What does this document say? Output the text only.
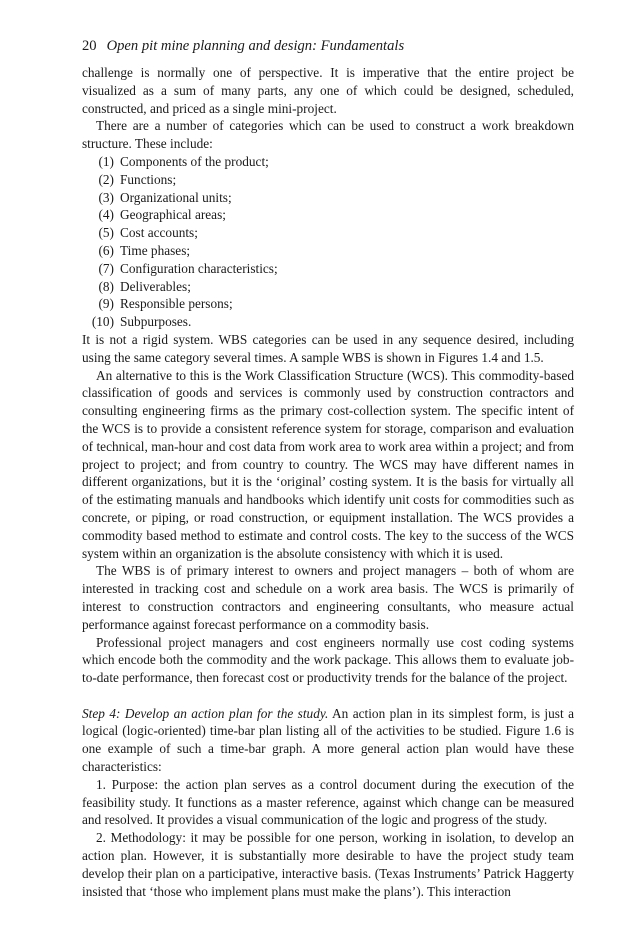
20 Open pit mine planning and design: Fundamentals

challenge is normally one of perspective. It is imperative that the entire project be visualized as a sum of many parts, any one of which could be designed, scheduled, constructed, and priced as a single mini-project.

There are a number of categories which can be used to construct a work breakdown structure. These include:

(1) Components of the product;
(2) Functions;
(3) Organizational units;
(4) Geographical areas;
(5) Cost accounts;
(6) Time phases;
(7) Configuration characteristics;
(8) Deliverables;
(9) Responsible persons;
(10) Subpurposes.

It is not a rigid system. WBS categories can be used in any sequence desired, including using the same category several times. A sample WBS is shown in Figures 1.4 and 1.5.

An alternative to this is the Work Classification Structure (WCS). This commodity-based classification of goods and services is commonly used by construction contractors and consulting engineering firms as the primary cost-collection system. The specific intent of the WCS is to provide a consistent reference system for storage, comparison and evaluation of technical, man-hour and cost data from work area to work area within a project; and from project to project; and from country to country. The WCS may have different names in different organizations, but it is the ‘original’ costing system. It is the basis for virtually all of the estimating manuals and handbooks which identify unit costs for commodities such as concrete, or piping, or road construction, or equipment installation. The WCS provides a commodity based method to estimate and control costs. The key to the success of the WCS system within an organization is the absolute consistency with which it is used.

The WBS is of primary interest to owners and project managers – both of whom are interested in tracking cost and schedule on a work area basis. The WCS is primarily of interest to construction contractors and engineering consultants, who measure actual performance against forecast performance on a commodity basis.

Professional project managers and cost engineers normally use cost coding systems which encode both the commodity and the work package. This allows them to evaluate job-to-date performance, then forecast cost or productivity trends for the balance of the project.

Step 4: Develop an action plan for the study. An action plan in its simplest form, is just a logical (logic-oriented) time-bar plan listing all of the activities to be studied. Figure 1.6 is one example of such a time-bar graph. A more general action plan would have these characteristics:

1. Purpose: the action plan serves as a control document during the execution of the feasibility study. It functions as a master reference, against which change can be measured and resolved. It provides a visual communication of the logic and progress of the study.

2. Methodology: it may be possible for one person, working in isolation, to develop an action plan. However, it is substantially more desirable to have the project study team develop their plan on a participative, interactive basis. (Texas Instruments’ Patrick Haggerty insisted that ‘those who implement plans must make the plans’). This interaction
